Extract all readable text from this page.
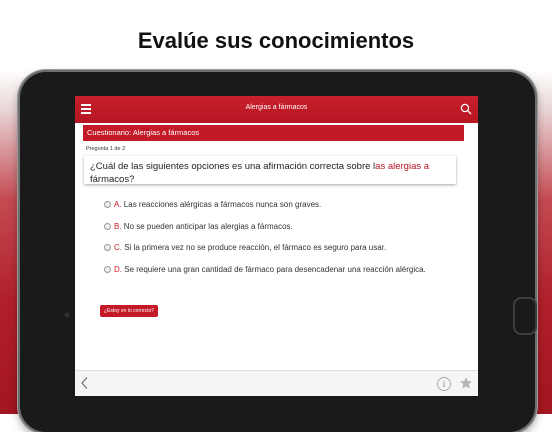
Evalúe sus conocimientos
Alergias a fármacos
Cuestionario: Alergias a fármacos
Pregunta 1 de 2
¿Cuál de las siguientes opciones es una afirmación correcta sobre las alergias a
fármacos?
A. Las reacciones alérgicas a fármacos nunca son graves.
B. No se pueden anticipar las alergias a fármacos.
C. Si la primera vez no se produce reacción, el fármaco es seguro para usar.
D. Se requiere una gran cantidad de fármaco para desencadenar una reacción alérgica.
¿Estoy en lo correcto?
i
